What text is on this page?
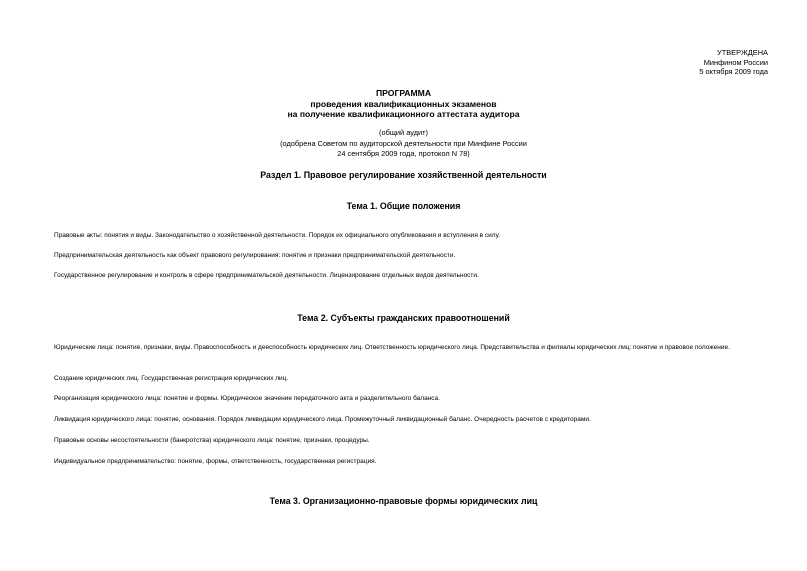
УТВЕРЖДЕНА
Минфином России
5 октября 2009 года
ПРОГРАММА
проведения квалификационных экзаменов
на получение квалификационного аттестата аудитора
(общий аудит)
(одобрена Советом по аудиторской деятельности при Минфине России
24 сентября 2009 года, протокол N 78)
Раздел 1. Правовое регулирование хозяйственной деятельности
Тема 1. Общие положения
Правовые акты: понятия и виды. Законодательство о хозяйственной деятельности. Порядок их официального опубликования и вступления в силу.
Предпринимательская деятельность как объект правового регулирования: понятие и признаки предпринимательской деятельности.
Государственное регулирование и контроль в сфере предпринимательской деятельности. Лицензирование отдельных видов деятельности.
Тема 2. Субъекты гражданских правоотношений
Юридические лица: понятие, признаки, виды. Правоспособность и дееспособность юридических лиц. Ответственность юридического лица. Представительства и филиалы юридических лиц: понятие и правовое положение.
Создание юридических лиц. Государственная регистрация юридических лиц.
Реорганизация юридического лица: понятие и формы. Юридическое значение передаточного акта и разделительного баланса.
Ликвидация юридического лица: понятие, основания. Порядок ликвидации юридического лица. Промежуточный ликвидационный баланс. Очередность расчетов с кредиторами.
Правовые основы несостоятельности (банкротства) юридического лица: понятие, признаки, процедуры.
Индивидуальное предпринимательство: понятие, формы, ответственность, государственная регистрация.
Тема 3. Организационно-правовые формы юридических лиц
